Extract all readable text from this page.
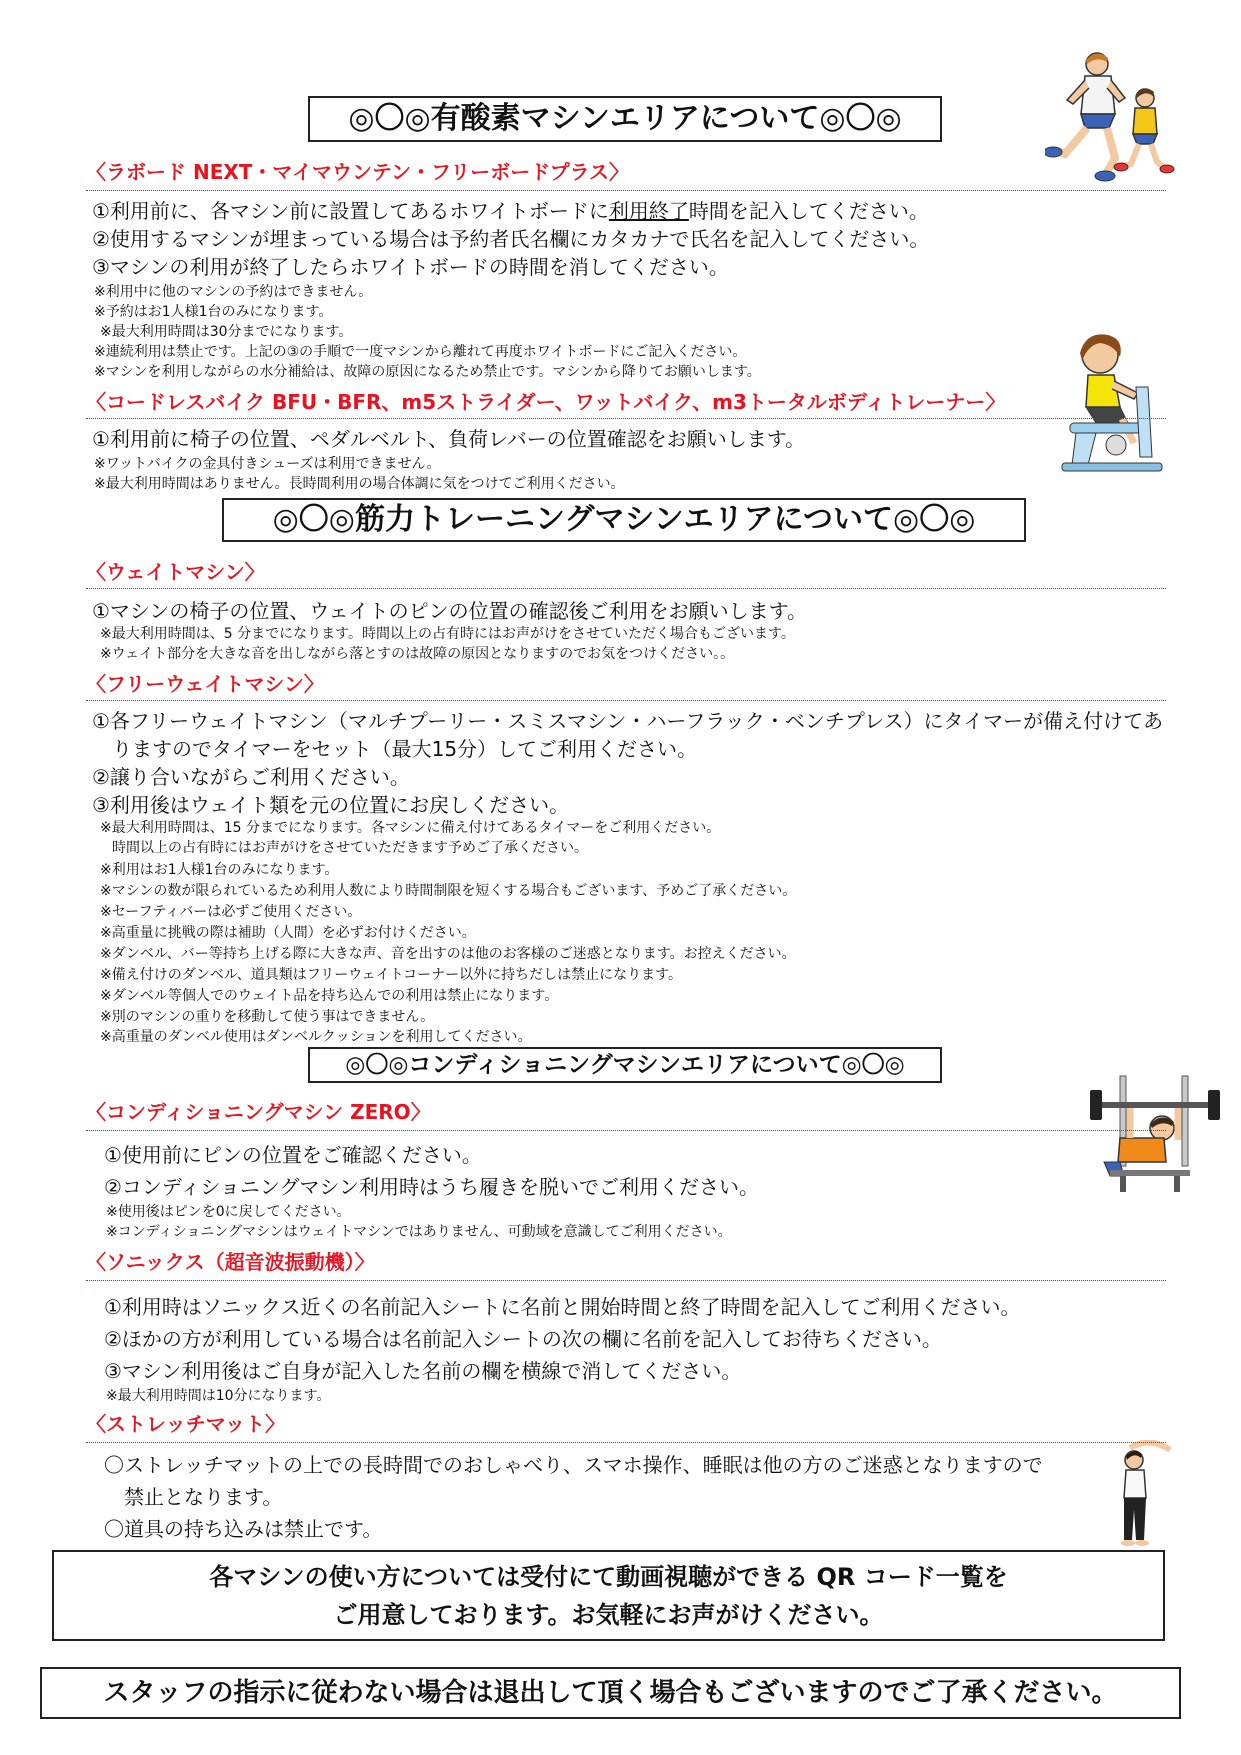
◎〇◎有酸素マシンエリアについて◎〇◎
〈ラボード NEXT・マイマウンテン・フリーボードプラス〉
①利用前に、各マシン前に設置してあるホワイトボードに利用終了時間を記入してください。
②使用するマシンが埋まっている場合は予約者氏名欄にカタカナで氏名を記入してください。
③マシンの利用が終了したらホワイトボードの時間を消してください。
※利用中に他のマシンの予約はできません。
※予約はお1人様1台のみになります。
※最大利用時間は30分までになります。
※連続利用は禁止です。上記の③の手順で一度マシンから離れて再度ホワイトボードにご記入ください。
※マシンを利用しながらの水分補給は、故障の原因になるため禁止です。マシンから降りてお願いします。
〈コードレスバイク BFU・BFR、m5ストライダー、ワットバイク、m3トータルボディトレーナー〉
①利用前に椅子の位置、ペダルベルト、負荷レバーの位置確認をお願いします。
※ワットバイクの金具付きシューズは利用できません。
※最大利用時間はありません。長時間利用の場合体調に気をつけてご利用ください。
◎〇◎筋力トレーニングマシンエリアについて◎〇◎
〈ウェイトマシン〉
①マシンの椅子の位置、ウェイトのピンの位置の確認後ご利用をお願いします。
※最大利用時間は、5 分までになります。時間以上の占有時にはお声がけをさせていただく場合もございます。
※ウェイト部分を大きな音を出しながら落とすのは故障の原因となりますのでお気をつけください。。
〈フリーウェイトマシン〉
①各フリーウェイトマシン（マルチプーリー・スミスマシン・ハーフラック・ベンチプレス）にタイマーが備え付けてあ
りますのでタイマーをセット（最大15分）してご利用ください。
②譲り合いながらご利用ください。
③利用後はウェイト類を元の位置にお戻しください。
※最大利用時間は、15 分までになります。各マシンに備え付けてあるタイマーをご利用ください。
時間以上の占有時にはお声がけをさせていただきます予めご了承ください。
※利用はお1人様1台のみになります。
※マシンの数が限られているため利用人数により時間制限を短くする場合もございます、予めご了承ください。
※セーフティバーは必ずご使用ください。
※高重量に挑戦の際は補助（人間）を必ずお付けください。
※ダンベル、バー等持ち上げる際に大きな声、音を出すのは他のお客様のご迷惑となります。お控えください。
※備え付けのダンベル、道具類はフリーウェイトコーナー以外に持ちだしは禁止になります。
※ダンベル等個人でのウェイト品を持ち込んでの利用は禁止になります。
※別のマシンの重りを移動して使う事はできません。
※高重量のダンベル使用はダンベルクッションを利用してください。
◎〇◎コンディショニングマシンエリアについて◎〇◎
〈コンディショニングマシン ZERO〉
①使用前にピンの位置をご確認ください。
②コンディショニングマシン利用時はうち履きを脱いでご利用ください。
※使用後はピンを0に戻してください。
※コンディショニングマシンはウェイトマシンではありません、可動域を意識してご利用ください。
〈ソニックス（超音波振動機）〉
①利用時はソニックス近くの名前記入シートに名前と開始時間と終了時間を記入してご利用ください。
②ほかの方が利用している場合は名前記入シートの次の欄に名前を記入してお待ちください。
③マシン利用後はご自身が記入した名前の欄を横線で消してください。
※最大利用時間は10分になります。
〈ストレッチマット〉
〇ストレッチマットの上での長時間でのおしゃべり、スマホ操作、睡眠は他の方のご迷惑となりますので
禁止となります。
〇道具の持ち込みは禁止です。
各マシンの使い方については受付にて動画視聴ができる QR コード一覧を
ご用意しております。お気軽にお声がけください。
スタッフの指示に従わない場合は退出して頂く場合もございますのでご了承ください。
